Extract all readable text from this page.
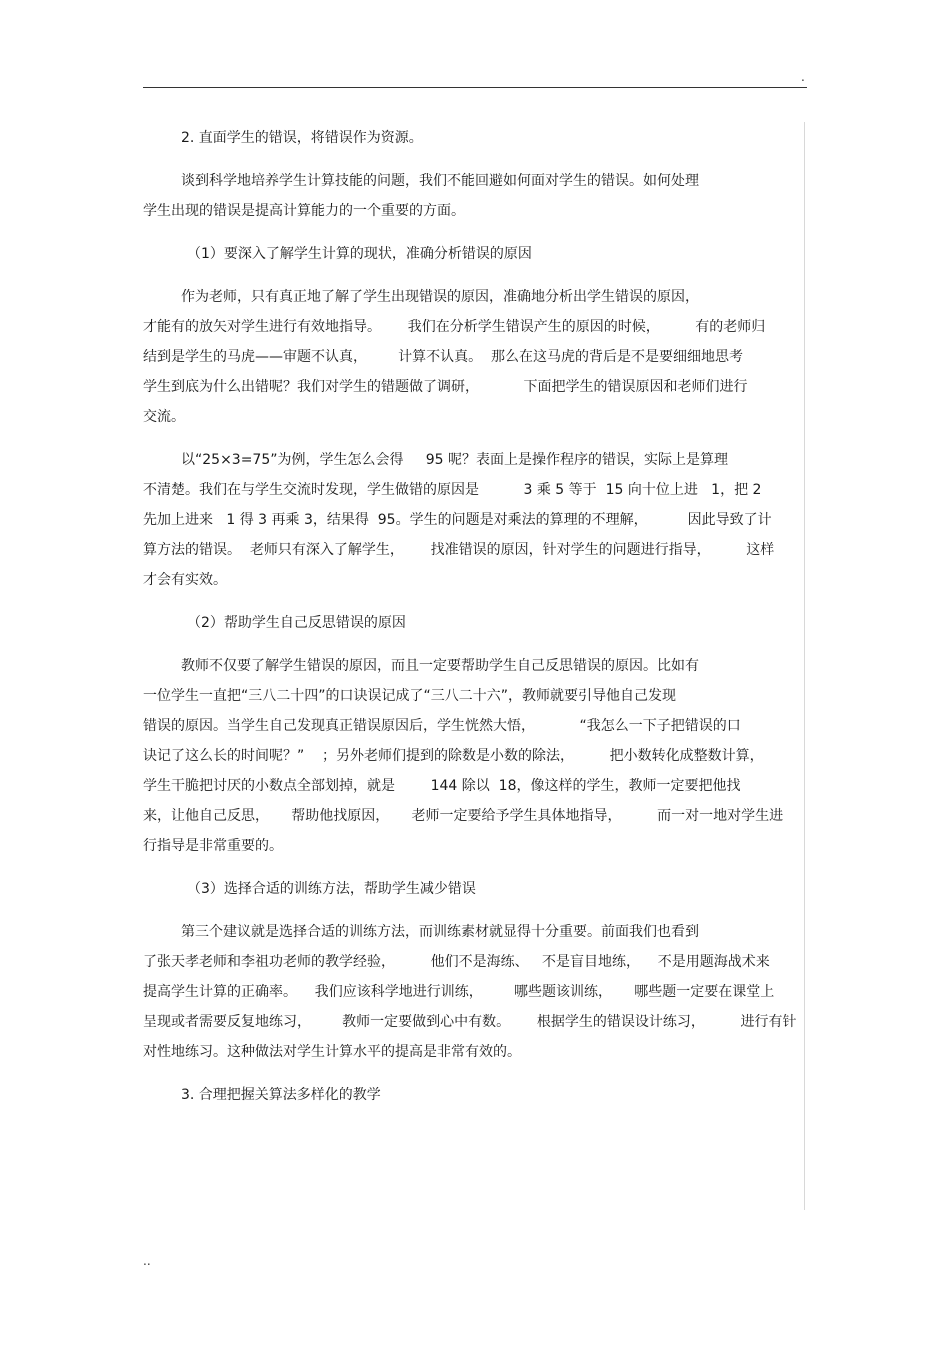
.
2. 直面学生的错误，将错误作为资源。
谈到科学地培养学生计算技能的问题，我们不能回避如何面对学生的错误。如何处理
学生出现的错误是提高计算能力的一个重要的方面。
（1）要深入了解学生计算的现状，准确分析错误的原因
作为老师，只有真正地了解了学生出现错误的原因，准确地分析出学生错误的原因，
才能有的放矢对学生进行有效地指导。      我们在分析学生错误产生的原因的时候，        有的老师归
结到是学生的马虎——审题不认真，       计算不认真。  那么在这马虎的背后是不是要细细地思考
学生到底为什么出错呢？我们对学生的错题做了调研，          下面把学生的错误原因和老师们进行
交流。
以“25×3=75”为例，学生怎么会得     95 呢？表面上是操作程序的错误，实际上是算理
不清楚。我们在与学生交流时发现，学生做错的原因是          3 乘 5 等于  15 向十位上进   1，把 2
先加上进来   1 得 3 再乘 3，结果得  95。学生的问题是对乘法的算理的不理解，         因此导致了计
算方法的错误。  老师只有深入了解学生，      找准错误的原因，针对学生的问题进行指导，        这样
才会有实效。
（2）帮助学生自己反思错误的原因
教师不仅要了解学生错误的原因，而且一定要帮助学生自己反思错误的原因。比如有
一位学生一直把“三八二十四”的口诀误记成了“三八二十六”，教师就要引导他自己发现
错误的原因。当学生自己发现真正错误原因后，学生恍然大悟，          “我怎么一下子把错误的口
诀记了这么长的时间呢？”    ；另外老师们提到的除数是小数的除法，        把小数转化成整数计算，
学生干脆把讨厌的小数点全部划掉，就是        144 除以  18，像这样的学生，教师一定要把他找
来，让他自己反思，     帮助他找原因，     老师一定要给予学生具体地指导，        而一对一地对学生进
行指导是非常重要的。
（3）选择合适的训练方法，帮助学生减少错误
第三个建议就是选择合适的训练方法，而训练素材就显得十分重要。前面我们也看到
了张天孝老师和李祖功老师的教学经验，        他们不是海练、   不是盲目地练，    不是用题海战术来
提高学生计算的正确率。    我们应该科学地进行训练，       哪些题该训练，     哪些题一定要在课堂上
呈现或者需要反复地练习，       教师一定要做到心中有数。      根据学生的错误设计练习，        进行有针
对性地练习。这种做法对学生计算水平的提高是非常有效的。
3. 合理把握关算法多样化的教学
..
